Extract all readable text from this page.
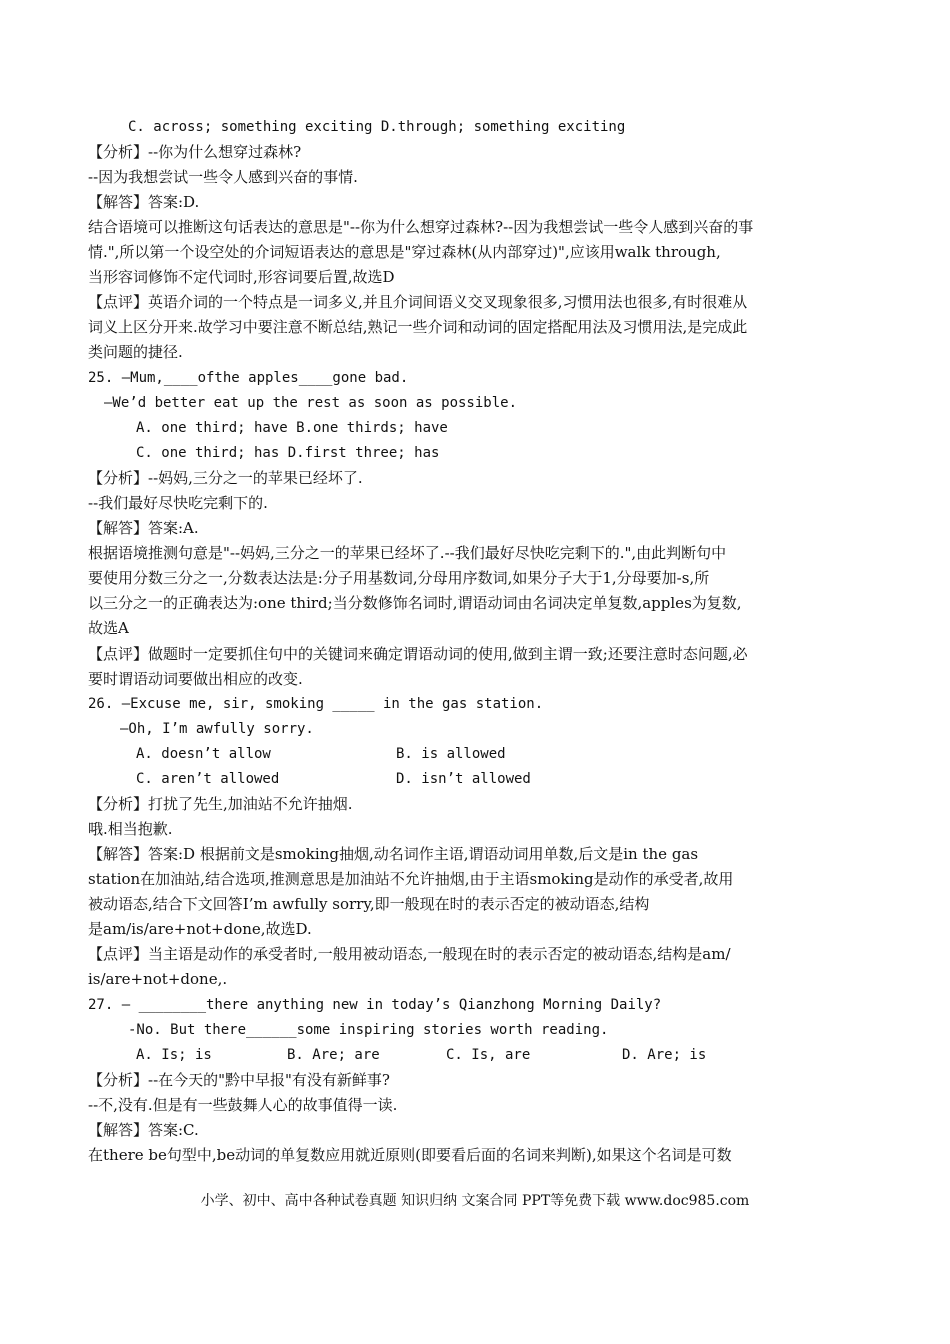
C. across; something exciting D.through; something exciting
【分析】--你为什么想穿过森林?
--因为我想尝试一些令人感到兴奋的事情.
【解答】答案:D.
结合语境可以推断这句话表达的意思是"--你为什么想穿过森林?--因为我想尝试一些令人感到兴奋的事
情.",所以第一个设空处的介词短语表达的意思是"穿过森林(从内部穿过)",应该用walk through,
当形容词修饰不定代词时,形容词要后置,故选D
【点评】英语介词的一个特点是一词多义,并且介词间语义交叉现象很多,习惯用法也很多,有时很难从
词义上区分开来.故学习中要注意不断总结,熟记一些介词和动词的固定搭配用法及习惯用法,是完成此
类问题的捷径.
25. —Mum,____ofthe apples____gone bad.
—We’d better eat up the rest as soon as possible.
A. one third; have B.one thirds; have
C. one third; has D.first three; has
【分析】--妈妈,三分之一的苹果已经坏了.
--我们最好尽快吃完剩下的.
【解答】答案:A.
根据语境推测句意是"--妈妈,三分之一的苹果已经坏了.--我们最好尽快吃完剩下的.",由此判断句中
要使用分数三分之一,分数表达法是:分子用基数词,分母用序数词,如果分子大于1,分母要加-s,所
以三分之一的正确表达为:one third;当分数修饰名词时,谓语动词由名词决定单复数,apples为复数,
故选A
【点评】做题时一定要抓住句中的关键词来确定谓语动词的使用,做到主谓一致;还要注意时态问题,必
要时谓语动词要做出相应的改变.
26. —Excuse me, sir, smoking _____ in the gas station.
—Oh, I’m awfully sorry.
A. doesn’t allow	B. is allowed
C. aren’t allowed	D. isn’t allowed
【分析】打扰了先生,加油站不允许抽烟.
哦.相当抱歉.
【解答】答案:D 根据前文是smoking抽烟,动名词作主语,谓语动词用单数,后文是in the gas
station在加油站,结合选项,推测意思是加油站不允许抽烟,由于主语smoking是动作的承受者,故用
被动语态,结合下文回答I’m awfully sorry,即一般现在时的表示否定的被动语态,结构
是am/is/are+not+done,故选D.
【点评】当主语是动作的承受者时,一般用被动语态,一般现在时的表示否定的被动语态,结构是am/
is/are+not+done,.
27. — ________there anything new in today’s Qianzhong Morning Daily?
-No. But there______some inspiring stories worth reading.
A. Is; is	B. Are; are	C. Is, are	D. Are; is
【分析】--在今天的"黔中早报"有没有新鲜事?
--不,没有.但是有一些鼓舞人心的故事值得一读.
【解答】答案:C.
在there be句型中,be动词的单复数应用就近原则(即要看后面的名词来判断),如果这个名词是可数
小学、初中、高中各种试卷真题 知识归纳 文案合同 PPT等免费下载 www.doc985.com
